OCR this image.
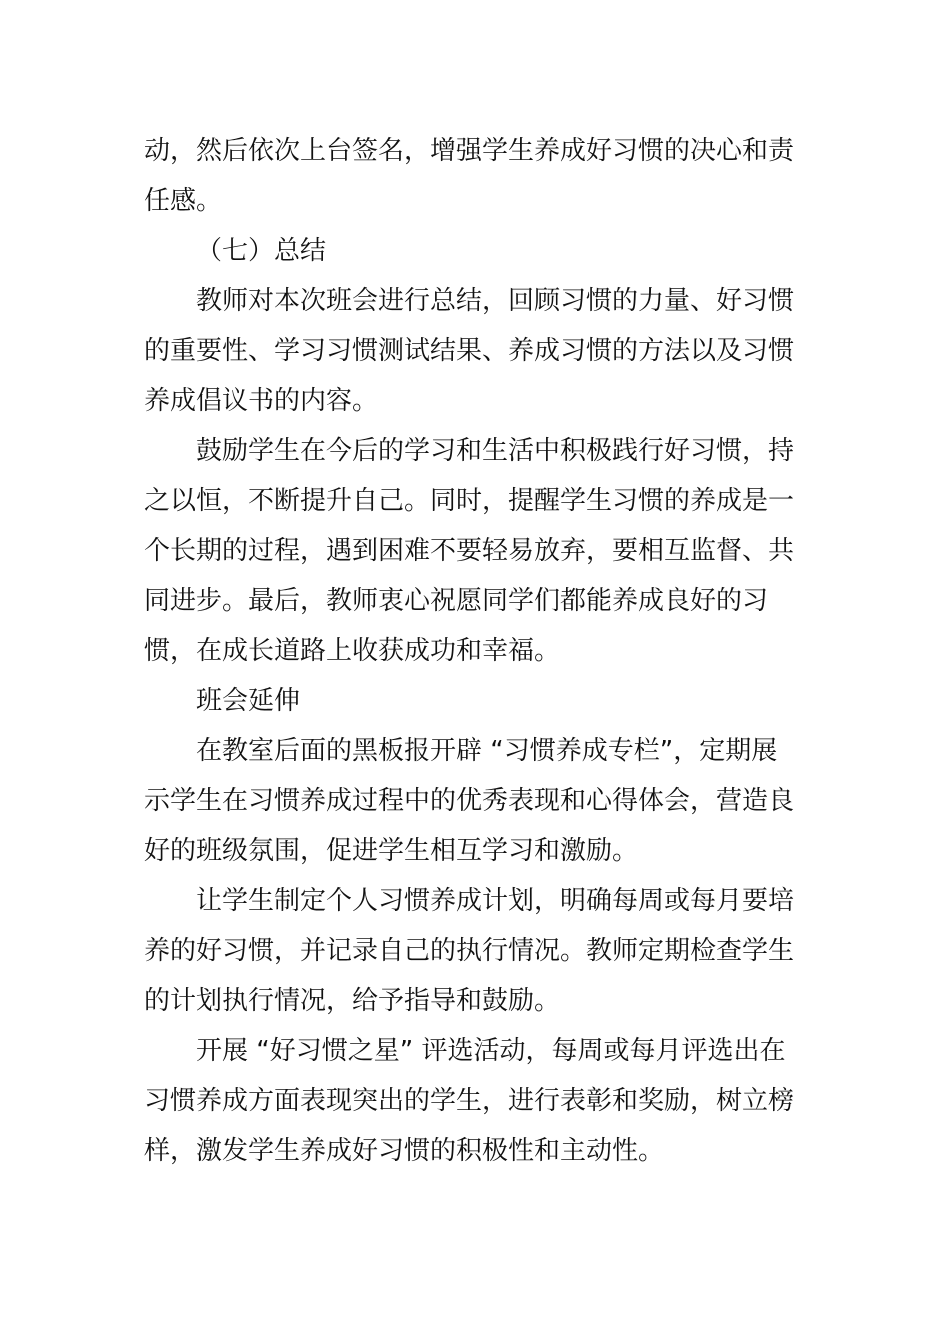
动，然后依次上台签名，增强学生养成好习惯的决心和责
任感。

（七）总结

教师对本次班会进行总结，回顾习惯的力量、好习惯
的重要性、学习习惯测试结果、养成习惯的方法以及习惯
养成倡议书的内容。

鼓励学生在今后的学习和生活中积极践行好习惯，持
之以恒，不断提升自己。同时，提醒学生习惯的养成是一
个长期的过程，遇到困难不要轻易放弃，要相互监督、共
同进步。最后，教师衷心祝愿同学们都能养成良好的习
惯，在成长道路上收获成功和幸福。

班会延伸

在教室后面的黑板报开辟 “习惯养成专栏”，定期展
示学生在习惯养成过程中的优秀表现和心得体会，营造良
好的班级氛围，促进学生相互学习和激励。

让学生制定个人习惯养成计划，明确每周或每月要培
养的好习惯，并记录自己的执行情况。教师定期检查学生
的计划执行情况，给予指导和鼓励。

开展 “好习惯之星” 评选活动，每周或每月评选出在
习惯养成方面表现突出的学生，进行表彰和奖励，树立榜
样，激发学生养成好习惯的积极性和主动性。
